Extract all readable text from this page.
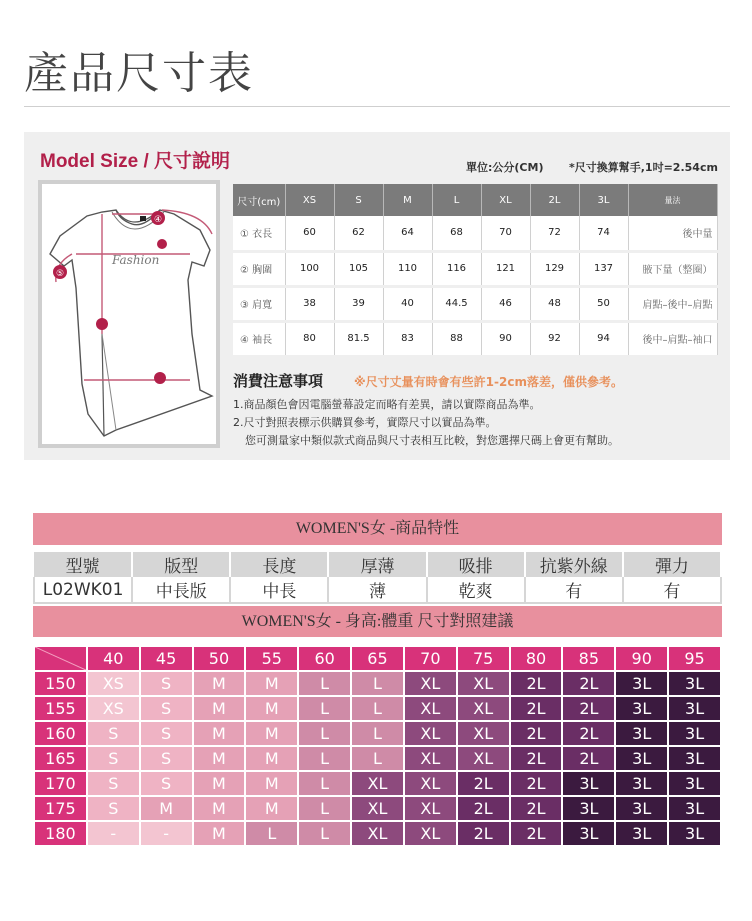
產品尺寸表
Model Size / 尺寸說明	單位:公分(CM) *尺寸換算幫手,1吋=2.54cm
Fashion
④
⑤
尺寸(cm)	XS	S	M	L	XL	2L	3L	量法
① 衣長	60	62	64	68	70	72	74	後中量
② 胸圍	100	105	110	116	121	129	137	腋下量（整圈）
③ 肩寬	38	39	40	44.5	46	48	50	肩點–後中–肩點
④ 袖長	80	81.5	83	88	90	92	94	後中–肩點–袖口
消費注意事項	※尺寸丈量有時會有些許1-2cm落差，僅供參考。
1.商品顏色會因電腦螢幕設定而略有差異，請以實際商品為準。
2.尺寸對照表標示供購買參考，實際尺寸以實品為準。
您可測量家中類似款式商品與尺寸表相互比較，對您選擇尺碼上會更有幫助。
WOMEN'S女 -商品特性
型號	版型	長度	厚薄	吸排	抗紫外線	彈力
L02WK01	中長版	中長	薄	乾爽	有	有
WOMEN'S女 - 身高:體重 尺寸對照建議
	40	45	50	55	60	65	70	75	80	85	90	95
150	XS	S	M	M	L	L	XL	XL	2L	2L	3L	3L
155	XS	S	M	M	L	L	XL	XL	2L	2L	3L	3L
160	S	S	M	M	L	L	XL	XL	2L	2L	3L	3L
165	S	S	M	M	L	L	XL	XL	2L	2L	3L	3L
170	S	S	M	M	L	XL	XL	2L	2L	3L	3L	3L
175	S	M	M	M	L	XL	XL	2L	2L	3L	3L	3L
180	-	-	M	L	L	XL	XL	2L	2L	3L	3L	3L
